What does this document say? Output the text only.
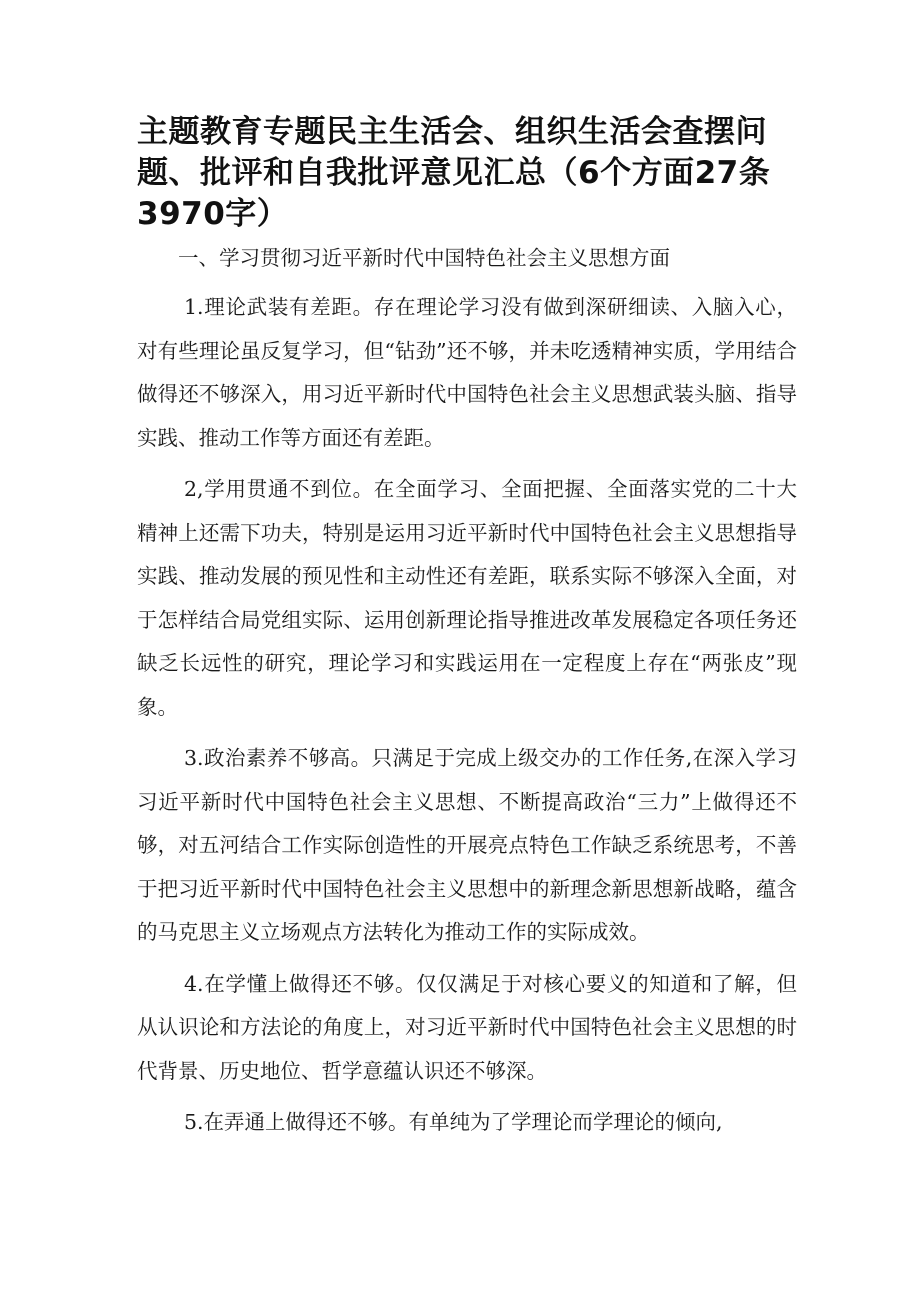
主题教育专题民主生活会、组织生活会查摆问题、批评和自我批评意见汇总（6个方面27条3970字）

一、学习贯彻习近平新时代中国特色社会主义思想方面

1.理论武装有差距。存在理论学习没有做到深研细读、入脑入心，对有些理论虽反复学习，但“钻劲”还不够，并未吃透精神实质，学用结合做得还不够深入，用习近平新时代中国特色社会主义思想武装头脑、指导实践、推动工作等方面还有差距。

2,学用贯通不到位。在全面学习、全面把握、全面落实党的二十大精神上还需下功夫，特别是运用习近平新时代中国特色社会主义思想指导实践、推动发展的预见性和主动性还有差距，联系实际不够深入全面，对于怎样结合局党组实际、运用创新理论指导推进改革发展稳定各项任务还缺乏长远性的研究，理论学习和实践运用在一定程度上存在“两张皮”现象。

3.政治素养不够高。只满足于完成上级交办的工作任务,在深入学习习近平新时代中国特色社会主义思想、不断提高政治“三力”上做得还不够，对五河结合工作实际创造性的开展亮点特色工作缺乏系统思考，不善于把习近平新时代中国特色社会主义思想中的新理念新思想新战略，蕴含的马克思主义立场观点方法转化为推动工作的实际成效。

4.在学懂上做得还不够。仅仅满足于对核心要义的知道和了解，但从认识论和方法论的角度上，对习近平新时代中国特色社会主义思想的时代背景、历史地位、哲学意蕴认识还不够深。

5.在弄通上做得还不够。有单纯为了学理论而学理论的倾向,
